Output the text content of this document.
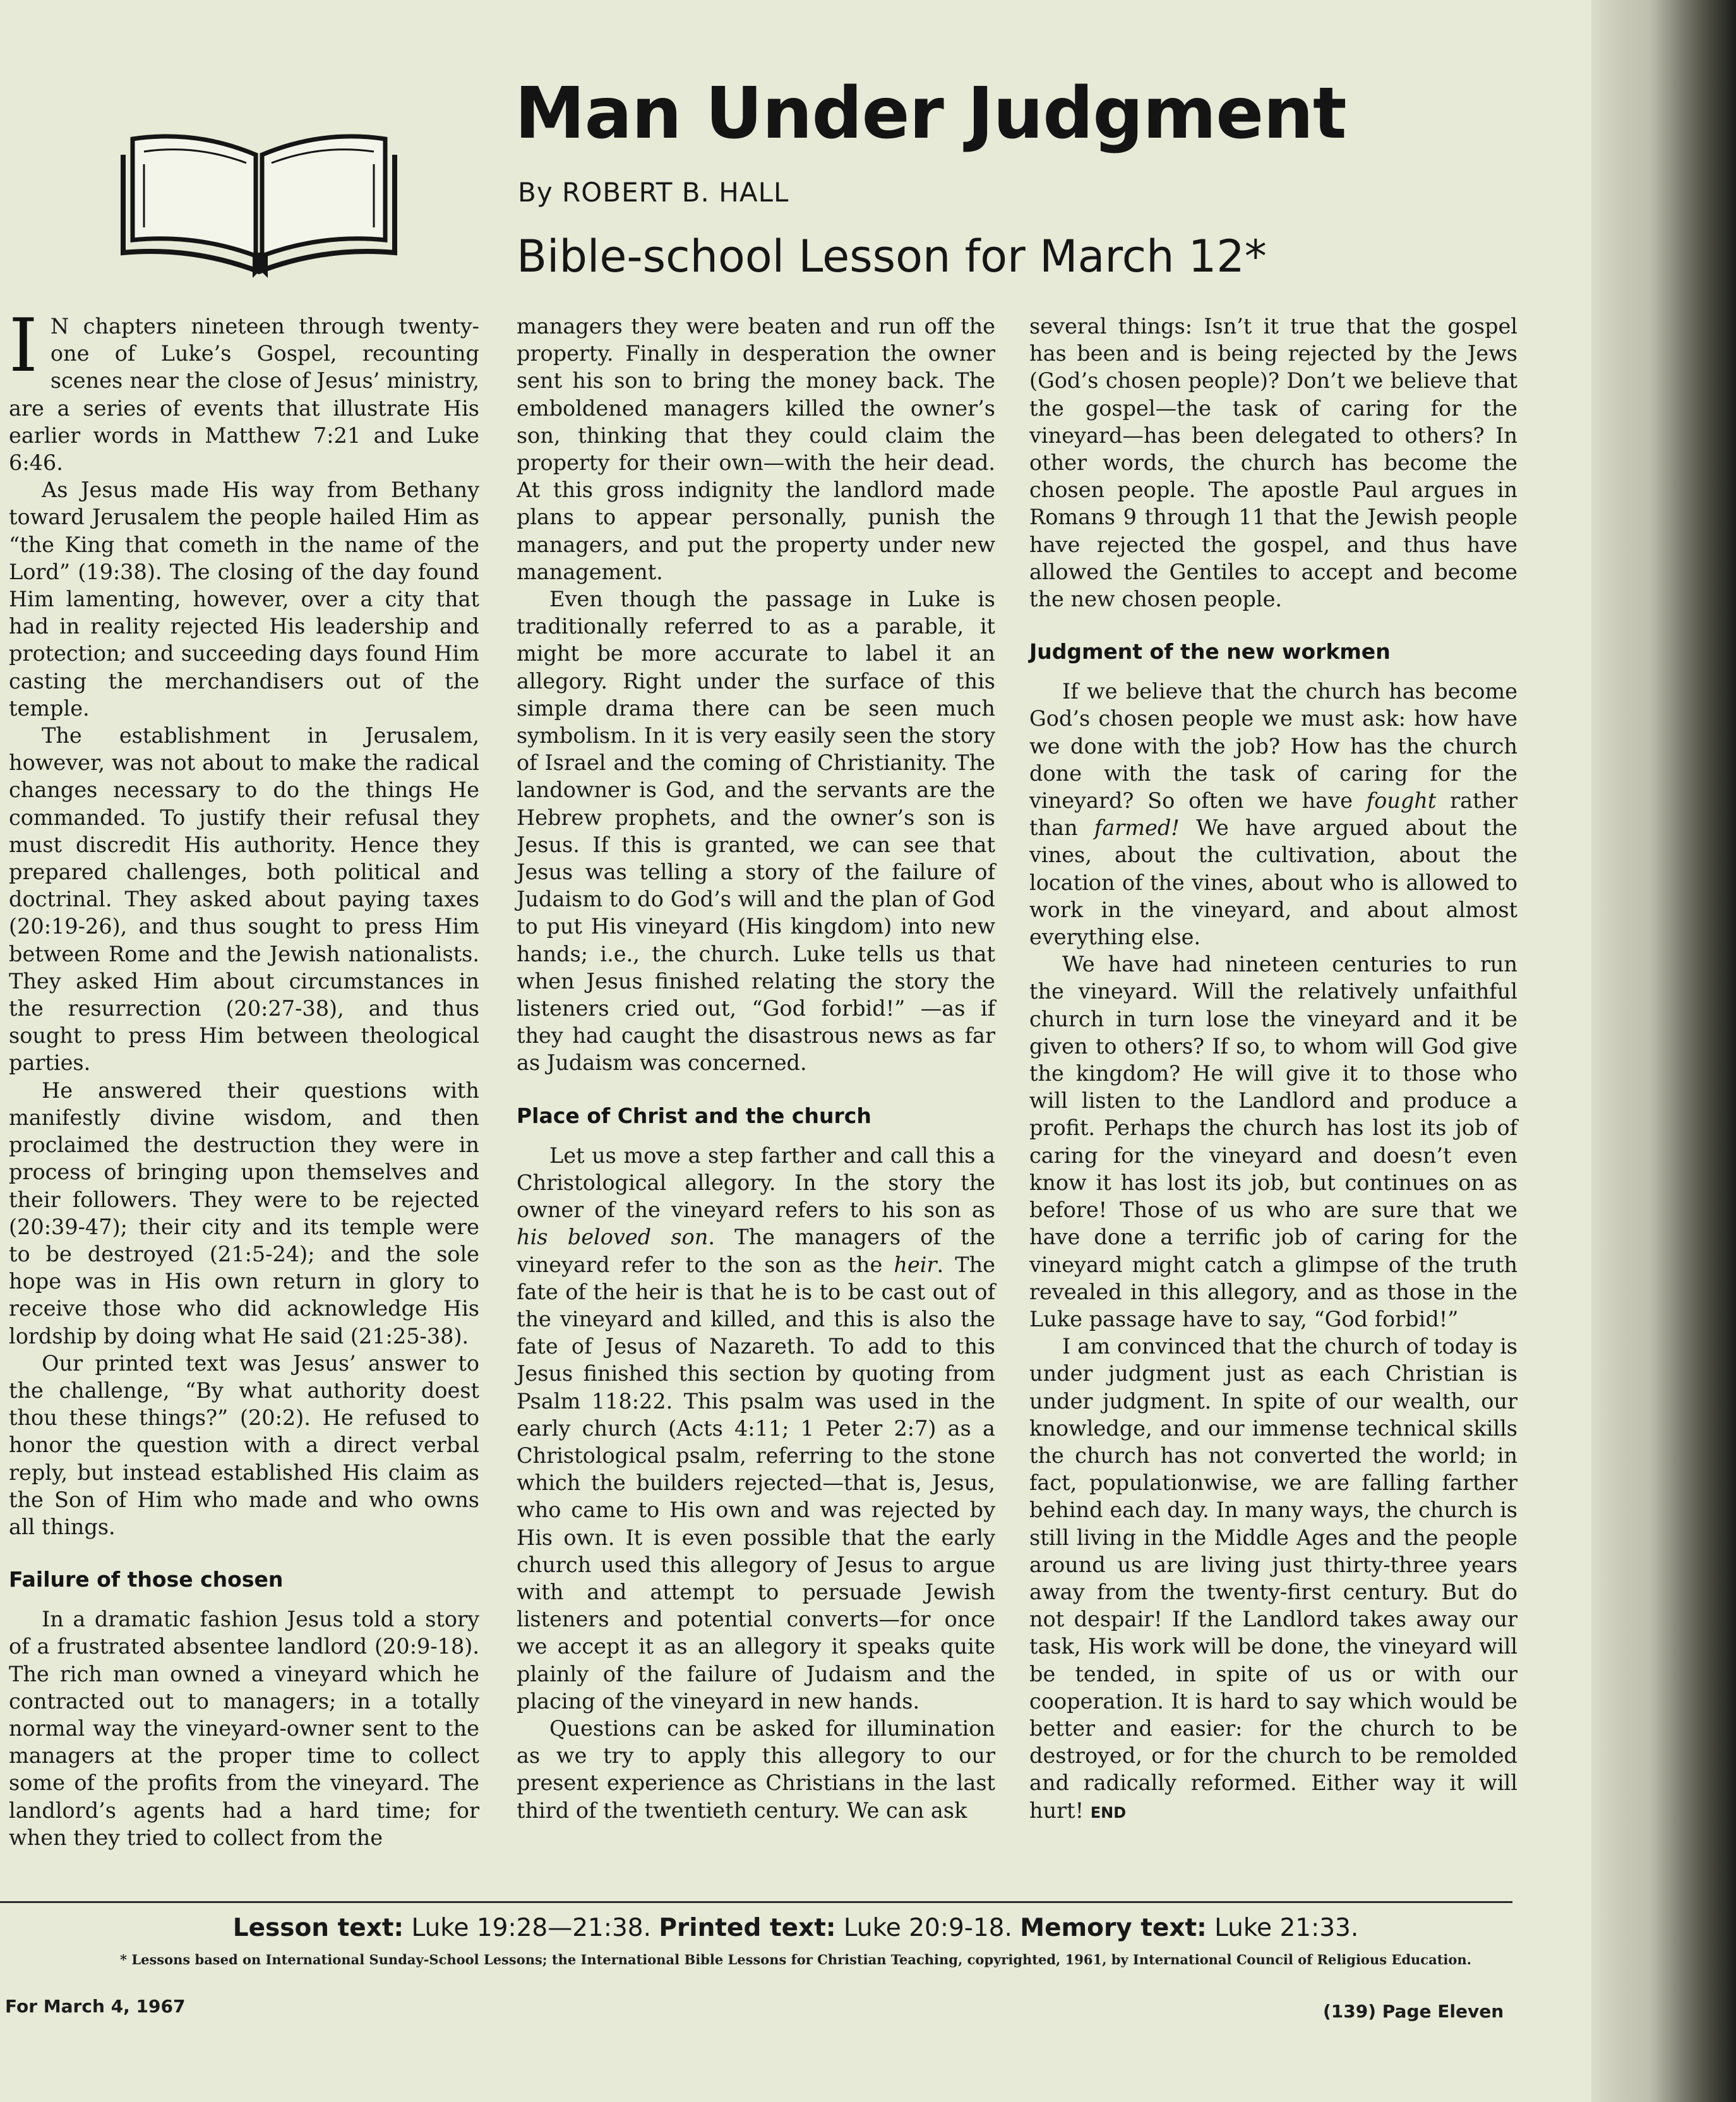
Man Under Judgment
By ROBERT B. HALL
Bible-school Lesson for March 12*

I N chapters nineteen through twenty-one of Luke’s Gospel, recounting scenes near the close of Jesus’ ministry, are a series of events that illustrate His earlier words in Matthew 7:21 and Luke 6:46.

As Jesus made His way from Bethany toward Jerusalem the people hailed Him as “the King that cometh in the name of the Lord” (19:38). The closing of the day found Him lamenting, however, over a city that had in reality rejected His leadership and protection; and succeeding days found Him casting the merchandisers out of the temple.

The establishment in Jerusalem, however, was not about to make the radical changes necessary to do the things He commanded. To justify their refusal they must discredit His authority. Hence they prepared challenges, both political and doctrinal. They asked about paying taxes (20:19-26), and thus sought to press Him between Rome and the Jewish nationalists. They asked Him about circumstances in the resurrection (20:27-38), and thus sought to press Him between theological parties.

He answered their questions with manifestly divine wisdom, and then proclaimed the destruction they were in process of bringing upon themselves and their followers. They were to be rejected (20:39-47); their city and its temple were to be destroyed (21:5-24); and the sole hope was in His own return in glory to receive those who did acknowledge His lordship by doing what He said (21:25-38).

Our printed text was Jesus’ answer to the challenge, “By what authority doest thou these things?” (20:2). He refused to honor the question with a direct verbal reply, but instead established His claim as the Son of Him who made and who owns all things.

Failure of those chosen

In a dramatic fashion Jesus told a story of a frustrated absentee landlord (20:9-18). The rich man owned a vineyard which he contracted out to managers; in a totally normal way the vineyard-owner sent to the managers at the proper time to collect some of the profits from the vineyard. The landlord’s agents had a hard time; for when they tried to collect from the

managers they were beaten and run off the property. Finally in desperation the owner sent his son to bring the money back. The emboldened managers killed the owner’s son, thinking that they could claim the property for their own—with the heir dead. At this gross indignity the landlord made plans to appear personally, punish the managers, and put the property under new management.

Even though the passage in Luke is traditionally referred to as a parable, it might be more accurate to label it an allegory. Right under the surface of this simple drama there can be seen much symbolism. In it is very easily seen the story of Israel and the coming of Christianity. The landowner is God, and the servants are the Hebrew prophets, and the owner’s son is Jesus. If this is granted, we can see that Jesus was telling a story of the failure of Judaism to do God’s will and the plan of God to put His vineyard (His kingdom) into new hands; i.e., the church. Luke tells us that when Jesus finished relating the story the listeners cried out, “God forbid!” —as if they had caught the disastrous news as far as Judaism was concerned.

Place of Christ and the church

Let us move a step farther and call this a Christological allegory. In the story the owner of the vineyard refers to his son as his beloved son. The managers of the vineyard refer to the son as the heir. The fate of the heir is that he is to be cast out of the vineyard and killed, and this is also the fate of Jesus of Nazareth. To add to this Jesus finished this section by quoting from Psalm 118:22. This psalm was used in the early church (Acts 4:11; 1 Peter 2:7) as a Christological psalm, referring to the stone which the builders rejected—that is, Jesus, who came to His own and was rejected by His own. It is even possible that the early church used this allegory of Jesus to argue with and attempt to persuade Jewish listeners and potential converts—for once we accept it as an allegory it speaks quite plainly of the failure of Judaism and the placing of the vineyard in new hands.

Questions can be asked for illumination as we try to apply this allegory to our present experience as Christians in the last third of the twentieth century. We can ask

several things: Isn’t it true that the gospel has been and is being rejected by the Jews (God’s chosen people)? Don’t we believe that the gospel—the task of caring for the vineyard—has been delegated to others? In other words, the church has become the chosen people. The apostle Paul argues in Romans 9 through 11 that the Jewish people have rejected the gospel, and thus have allowed the Gentiles to accept and become the new chosen people.

Judgment of the new workmen

If we believe that the church has become God’s chosen people we must ask: how have we done with the job? How has the church done with the task of caring for the vineyard? So often we have fought rather than farmed! We have argued about the vines, about the cultivation, about the location of the vines, about who is allowed to work in the vineyard, and about almost everything else.

We have had nineteen centuries to run the vineyard. Will the relatively unfaithful church in turn lose the vineyard and it be given to others? If so, to whom will God give the kingdom? He will give it to those who will listen to the Landlord and produce a profit. Perhaps the church has lost its job of caring for the vineyard and doesn’t even know it has lost its job, but continues on as before! Those of us who are sure that we have done a terrific job of caring for the vineyard might catch a glimpse of the truth revealed in this allegory, and as those in the Luke passage have to say, “God forbid!”

I am convinced that the church of today is under judgment just as each Christian is under judgment. In spite of our wealth, our knowledge, and our immense technical skills the church has not converted the world; in fact, populationwise, we are falling farther behind each day. In many ways, the church is still living in the Middle Ages and the people around us are living just thirty-three years away from the twenty-first century. But do not despair! If the Landlord takes away our task, His work will be done, the vineyard will be tended, in spite of us or with our cooperation. It is hard to say which would be better and easier: for the church to be destroyed, or for the church to be remolded and radically reformed. Either way it will hurt! END

Lesson text: Luke 19:28—21:38. Printed text: Luke 20:9-18. Memory text: Luke 21:33.
* Lessons based on International Sunday-School Lessons; the International Bible Lessons for Christian Teaching, copyrighted, 1961, by International Council of Religious Education.
For March 4, 1967	(139) Page Eleven
